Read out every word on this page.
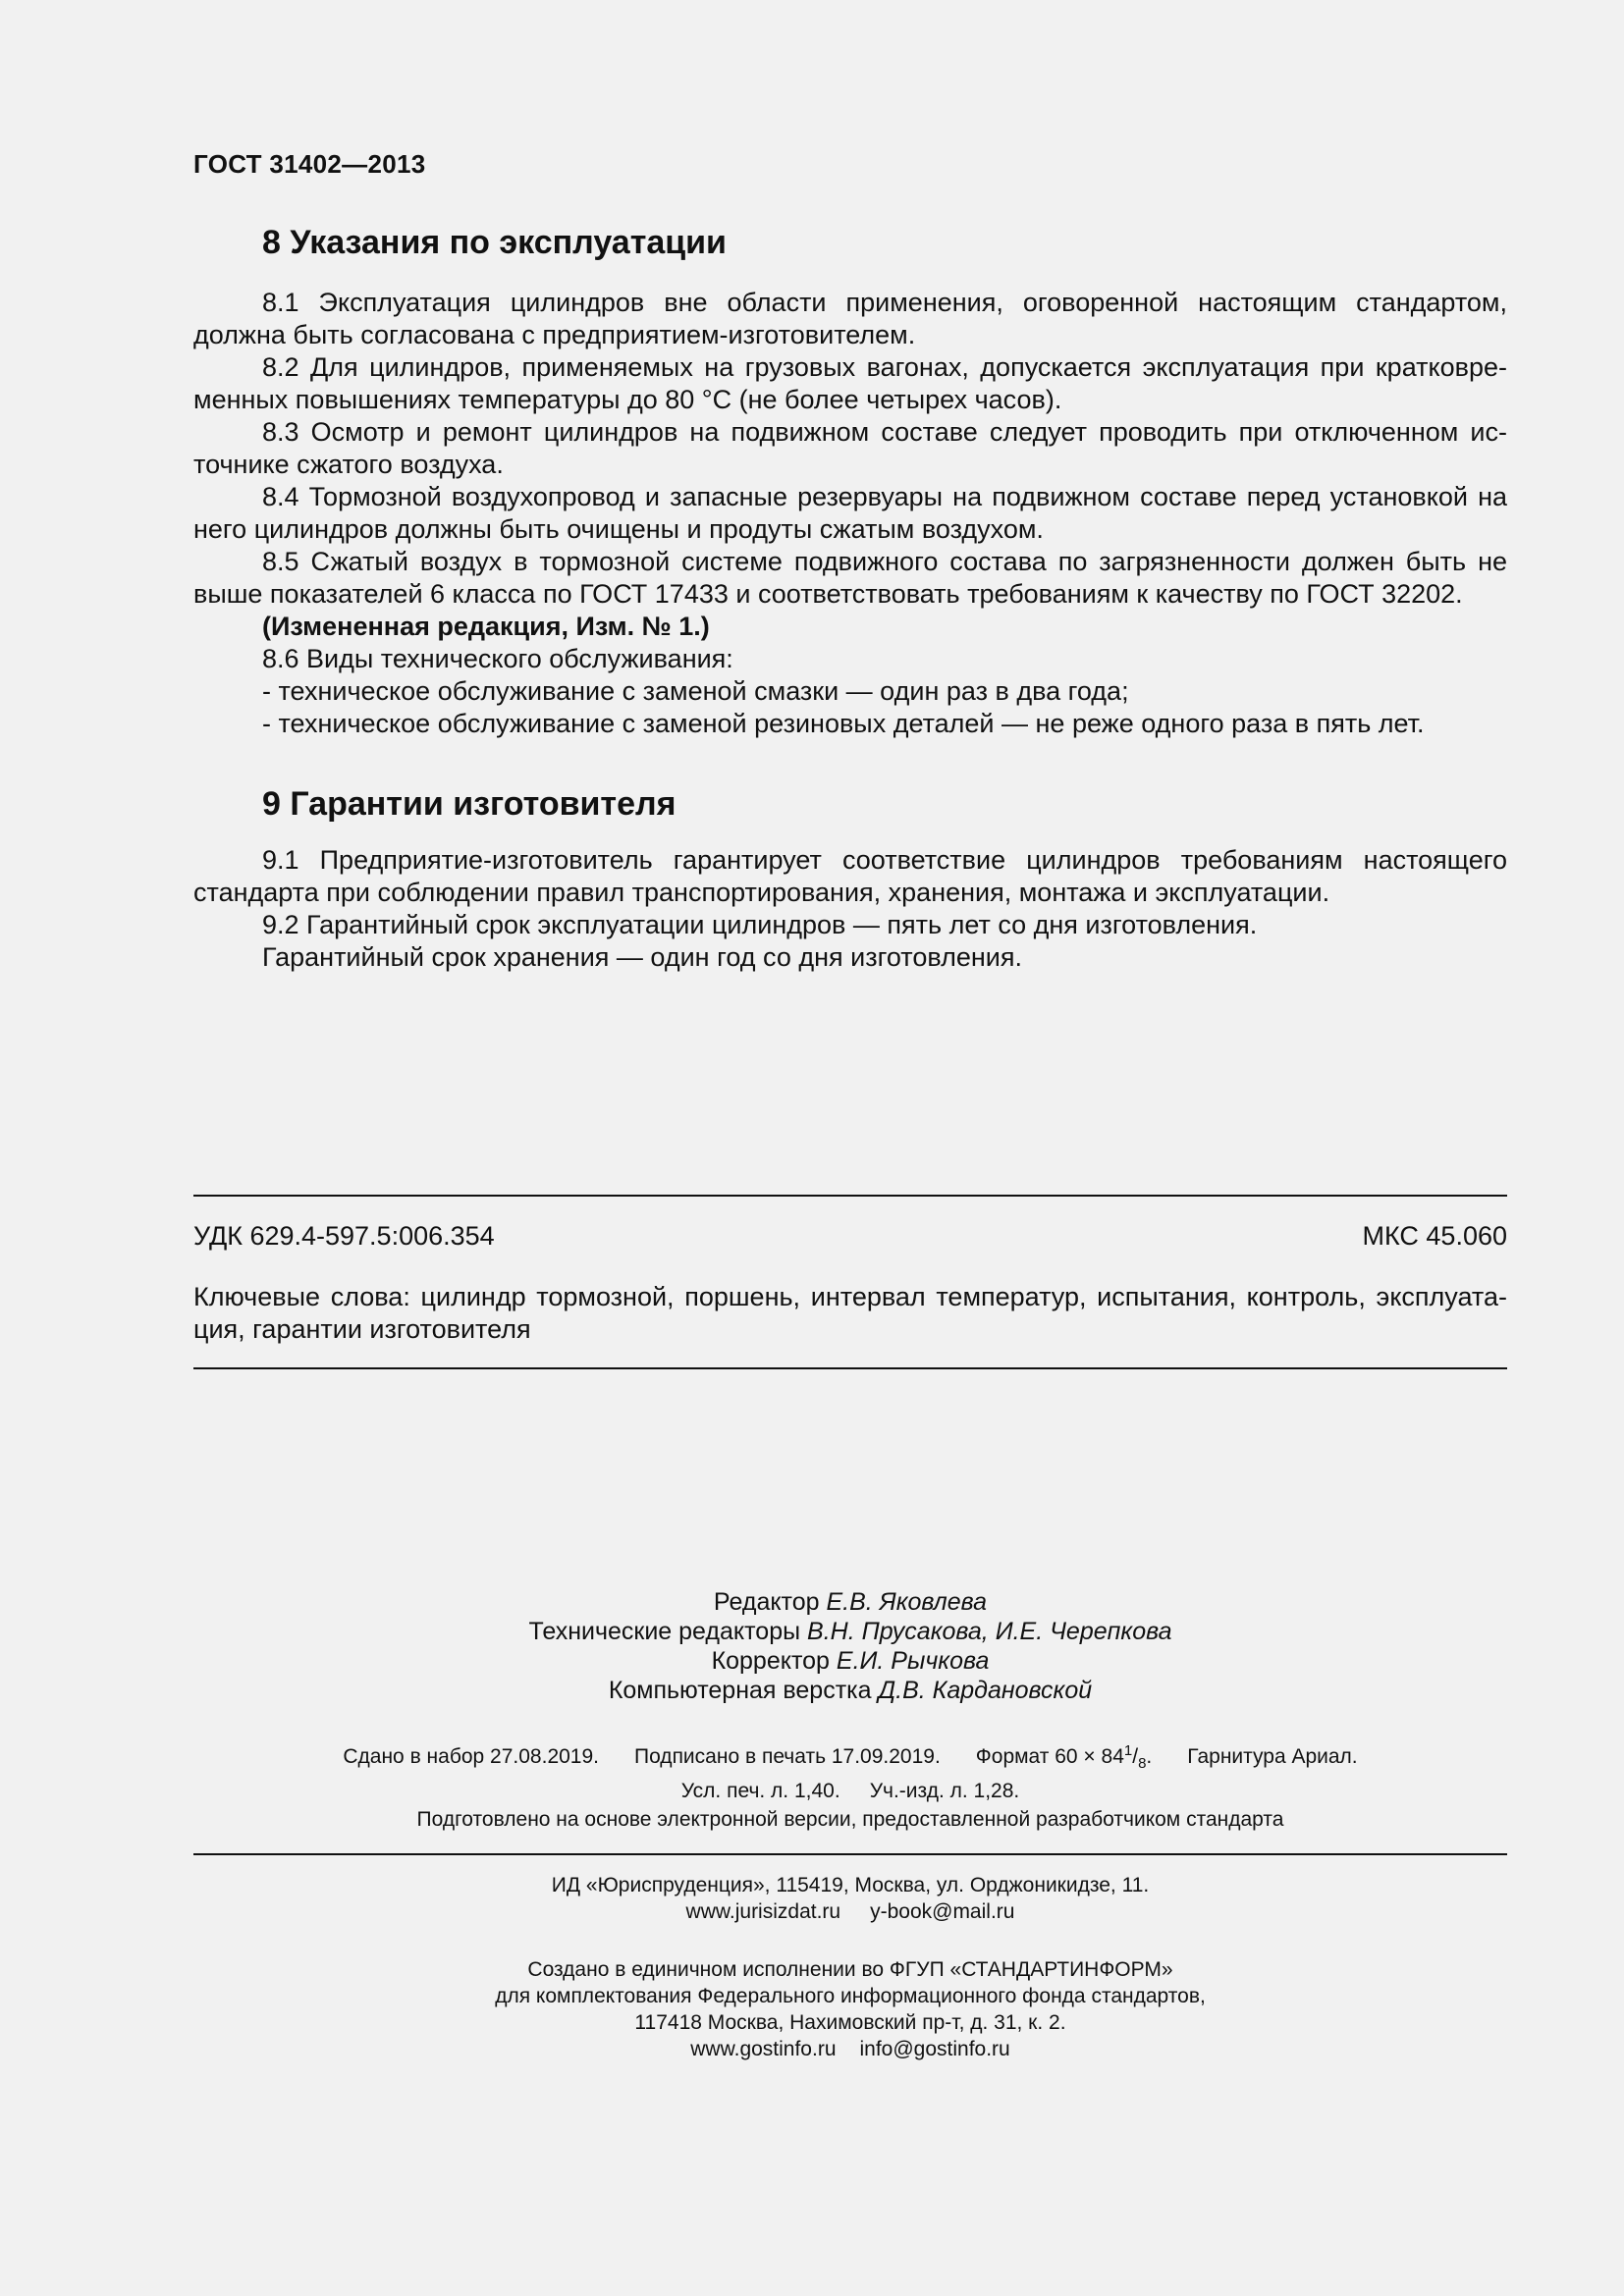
ГОСТ 31402—2013
8 Указания по эксплуатации

8.1 Эксплуатация цилиндров вне области применения, оговоренной настоящим стандартом, должна быть согласована с предприятием-изготовителем.

8.2 Для цилиндров, применяемых на грузовых вагонах, допускается эксплуатация при кратковре-менных повышениях температуры до 80 °С (не более четырех часов).

8.3 Осмотр и ремонт цилиндров на подвижном составе следует проводить при отключенном ис-точнике сжатого воздуха.

8.4 Тормозной воздухопровод и запасные резервуары на подвижном составе перед установкой на него цилиндров должны быть очищены и продуты сжатым воздухом.

8.5 Сжатый воздух в тормозной системе подвижного состава по загрязненности должен быть не выше показателей 6 класса по ГОСТ 17433 и соответствовать требованиям к качеству по ГОСТ 32202.

(Измененная редакция, Изм. № 1.)

8.6 Виды технического обслуживания:

- техническое обслуживание с заменой смазки — один раз в два года;

- техническое обслуживание с заменой резиновых деталей — не реже одного раза в пять лет.

9 Гарантии изготовителя

9.1 Предприятие-изготовитель гарантирует соответствие цилиндров требованиям настоящего стандарта при соблюдении правил транспортирования, хранения, монтажа и эксплуатации.

9.2 Гарантийный срок эксплуатации цилиндров — пять лет со дня изготовления.

Гарантийный срок хранения — один год со дня изготовления.

УДК 629.4-597.5:006.354	МКС 45.060
Ключевые слова: цилиндр тормозной, поршень, интервал температур, испытания, контроль, эксплуата-ция, гарантии изготовителя
Редактор Е.В. Яковлева
Технические редакторы В.Н. Прусакова, И.Е. Черепкова
Корректор Е.И. Рычкова
Компьютерная верстка Д.В. Кардановской
Сдано в набор 27.08.2019. Подписано в печать 17.09.2019. Формат $60 \times 84^1/_8$. Гарнитура Ариал.
Усл. печ. л. 1,40. Уч.-изд. л. 1,28.
Подготовлено на основе электронной версии, предоставленной разработчиком стандарта
ИД «Юриспруденция», 115419, Москва, ул. Орджоникидзе, 11.
www.jurisizdat.ru y-book@mail.ru
Создано в единичном исполнении во ФГУП «СТАНДАРТИНФОРМ»
для комплектования Федерального информационного фонда стандартов,
117418 Москва, Нахимовский пр-т, д. 31, к. 2.
www.gostinfo.ru info@gostinfo.ru
